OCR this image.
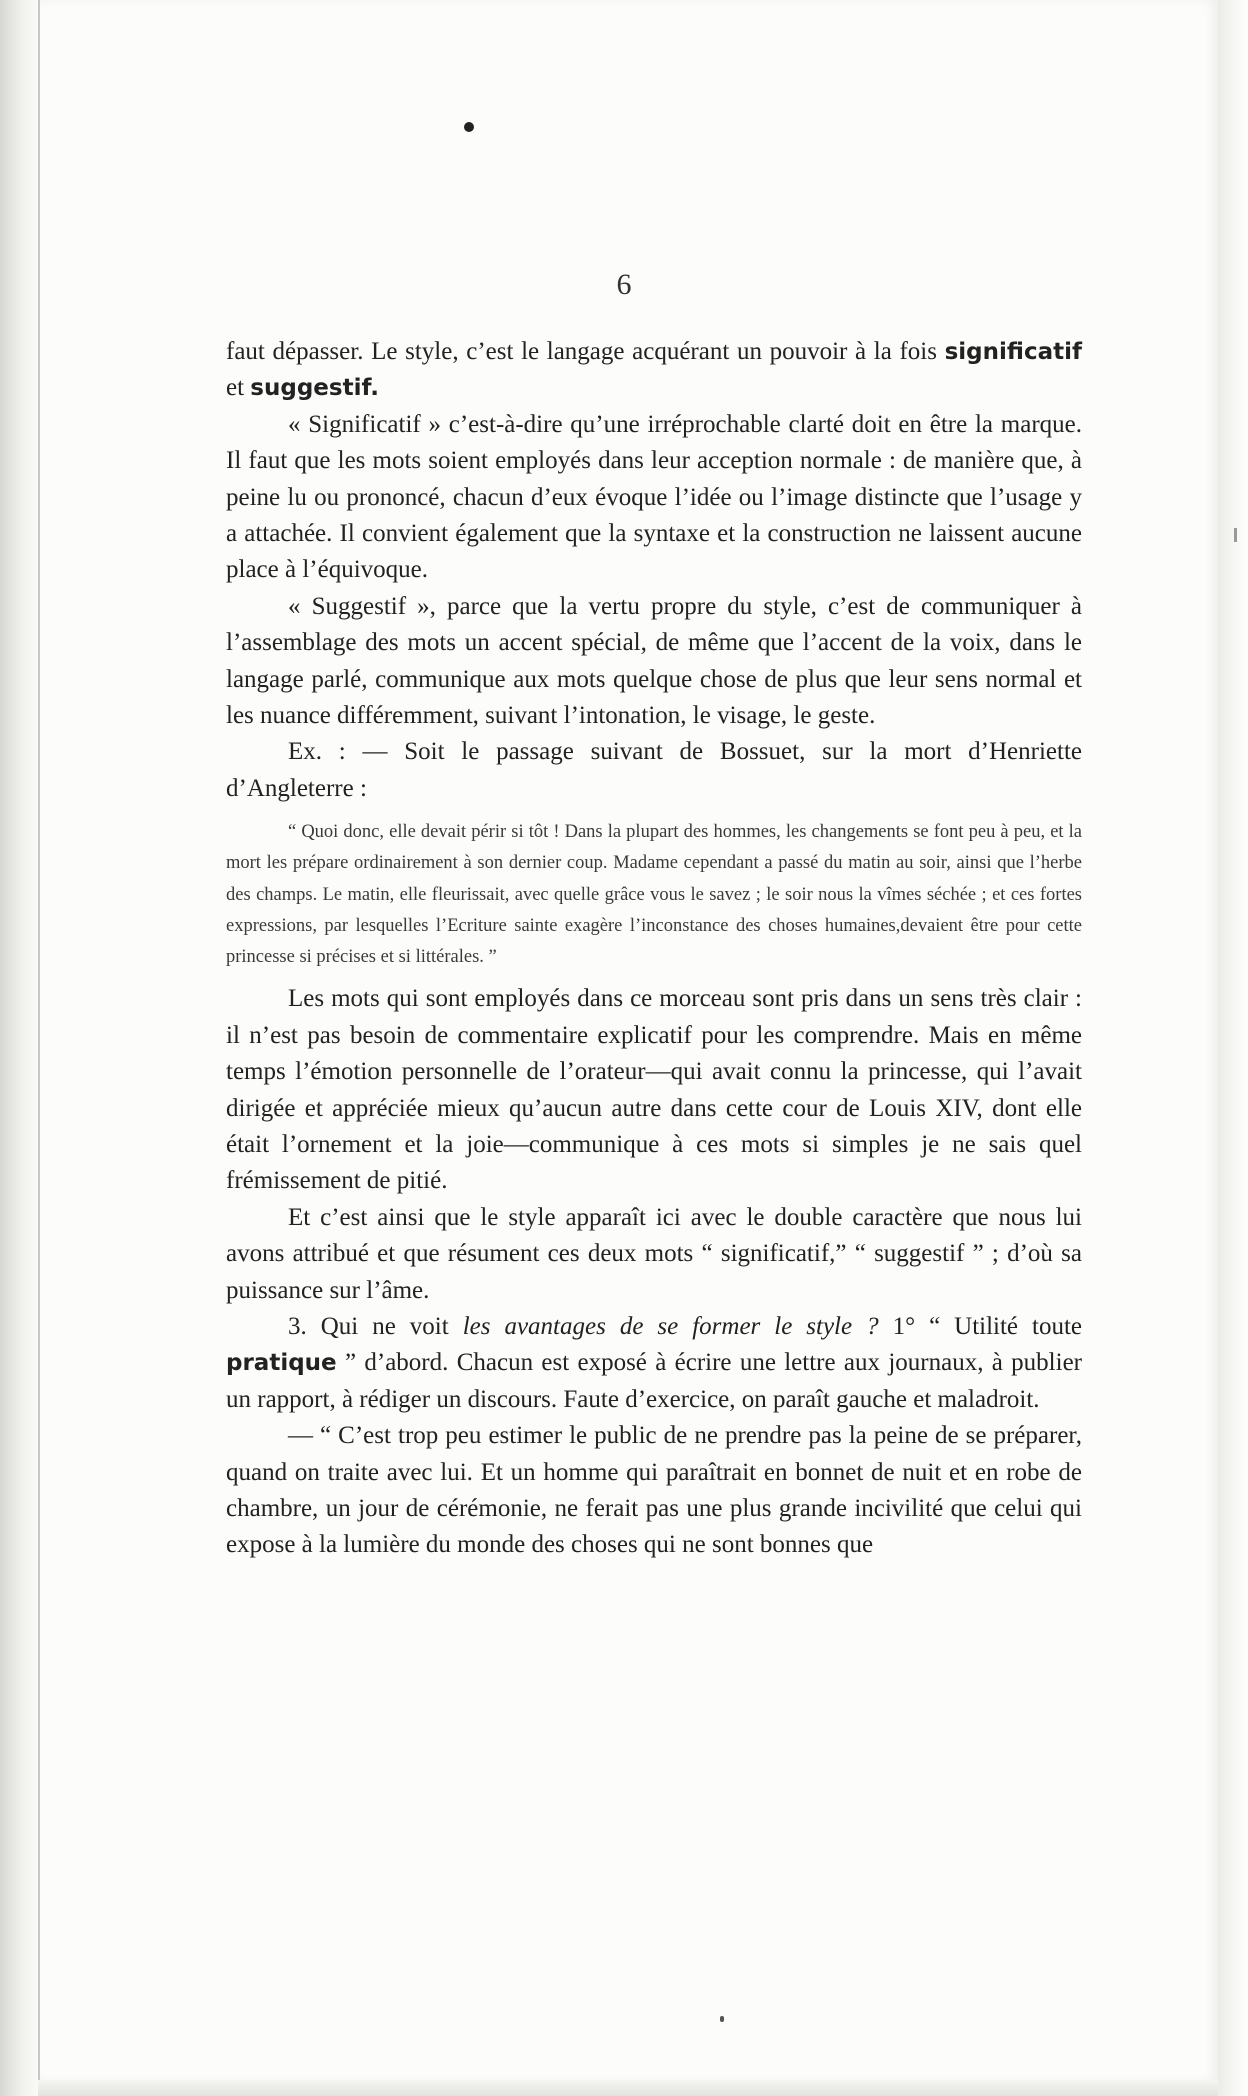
6

faut dépasser. Le style, c’est le langage acquérant un pouvoir à la fois significatif et suggestif.

« Significatif » c’est-à-dire qu’une irréprochable clarté doit en être la marque. Il faut que les mots soient employés dans leur acception normale : de manière que, à peine lu ou prononcé, chacun d’eux évoque l’idée ou l’image distincte que l’usage y a attachée. Il convient également que la syntaxe et la construction ne laissent aucune place à l’équivoque.

« Suggestif », parce que la vertu propre du style, c’est de communiquer à l’assemblage des mots un accent spécial, de même que l’accent de la voix, dans le langage parlé, communique aux mots quelque chose de plus que leur sens normal et les nuance différemment, suivant l’intonation, le visage, le geste.

Ex. : — Soit le passage suivant de Bossuet, sur la mort d’Henriette d’Angleterre :

“ Quoi donc, elle devait périr si tôt ! Dans la plupart des hommes, les changements se font peu à peu, et la mort les prépare ordinairement à son dernier coup. Madame cependant a passé du matin au soir, ainsi que l’herbe des champs. Le matin, elle fleurissait, avec quelle grâce vous le savez ; le soir nous la vîmes séchée ; et ces fortes expressions, par lesquelles l’Ecriture sainte exagère l’inconstance des choses humaines,devaient être pour cette princesse si précises et si littérales. ”

Les mots qui sont employés dans ce morceau sont pris dans un sens très clair : il n’est pas besoin de commentaire explicatif pour les comprendre. Mais en même temps l’émotion personnelle de l’orateur—qui avait connu la princesse, qui l’avait dirigée et appréciée mieux qu’aucun autre dans cette cour de Louis XIV, dont elle était l’ornement et la joie—communique à ces mots si simples je ne sais quel frémissement de pitié.

Et c’est ainsi que le style apparaît ici avec le double caractère que nous lui avons attribué et que résument ces deux mots “ significatif,” “ suggestif ” ; d’où sa puissance sur l’âme.

3. Qui ne voit les avantages de se former le style ? 1° “ Utilité toute pratique ” d’abord. Chacun est exposé à écrire une lettre aux journaux, à publier un rapport, à rédiger un discours. Faute d’exercice, on paraît gauche et maladroit.

— “ C’est trop peu estimer le public de ne prendre pas la peine de se préparer, quand on traite avec lui. Et un homme qui paraîtrait en bonnet de nuit et en robe de chambre, un jour de cérémonie, ne ferait pas une plus grande incivilité que celui qui expose à la lumière du monde des choses qui ne sont bonnes que
